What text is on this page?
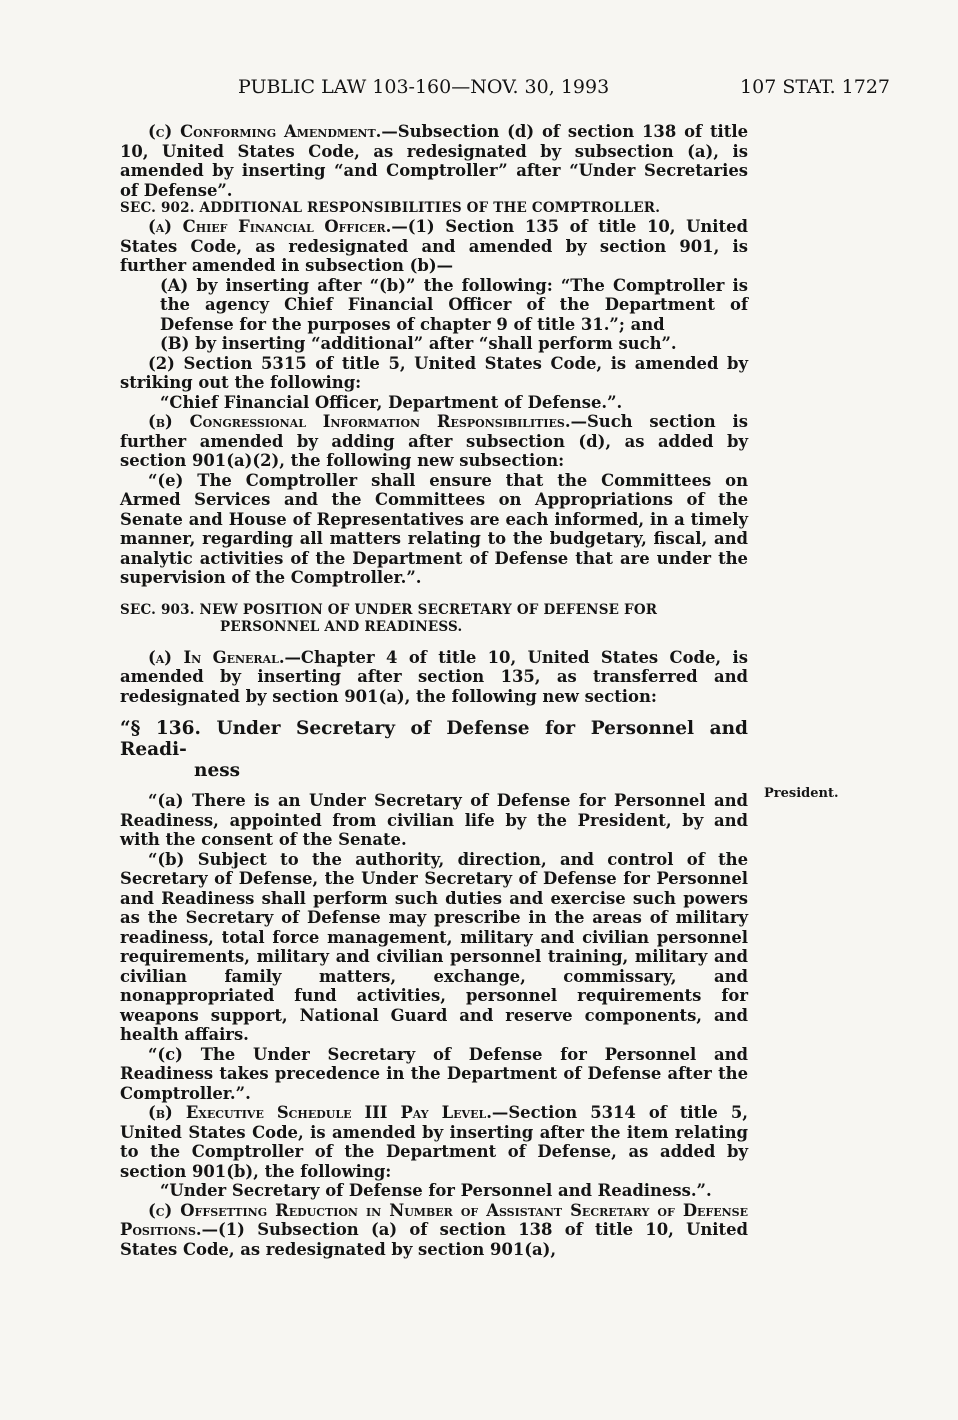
PUBLIC LAW 103-160—NOV. 30, 1993	107 STAT. 1727

(c) Conforming Amendment.—Subsection (d) of section 138 of title 10, United States Code, as redesignated by subsection (a), is amended by inserting “and Comptroller” after “Under Secretaries of Defense”.

SEC. 902. ADDITIONAL RESPONSIBILITIES OF THE COMPTROLLER.

(a) Chief Financial Officer.—(1) Section 135 of title 10, United States Code, as redesignated and amended by section 901, is further amended in subsection (b)—

(A) by inserting after “(b)” the following: “The Comptroller is the agency Chief Financial Officer of the Department of Defense for the purposes of chapter 9 of title 31.”; and

(B) by inserting “additional” after “shall perform such”.

(2) Section 5315 of title 5, United States Code, is amended by striking out the following:

“Chief Financial Officer, Department of Defense.”.

(b) Congressional Information Responsibilities.—Such section is further amended by adding after subsection (d), as added by section 901(a)(2), the following new subsection:

“(e) The Comptroller shall ensure that the Committees on Armed Services and the Committees on Appropriations of the Senate and House of Representatives are each informed, in a timely manner, regarding all matters relating to the budgetary, fiscal, and analytic activities of the Department of Defense that are under the supervision of the Comptroller.”.

SEC. 903. NEW POSITION OF UNDER SECRETARY OF DEFENSE FOR
PERSONNEL AND READINESS.

(a) In General.—Chapter 4 of title 10, United States Code, is amended by inserting after section 135, as transferred and redesignated by section 901(a), the following new section:

“§ 136. Under Secretary of Defense for Personnel and Readi-
ness

“(a) There is an Under Secretary of Defense for Personnel and Readiness, appointed from civilian life by the President, by and with the consent of the Senate.

“(b) Subject to the authority, direction, and control of the Secretary of Defense, the Under Secretary of Defense for Personnel and Readiness shall perform such duties and exercise such powers as the Secretary of Defense may prescribe in the areas of military readiness, total force management, military and civilian personnel requirements, military and civilian personnel training, military and civilian family matters, exchange, commissary, and nonappropriated fund activities, personnel requirements for weapons support, National Guard and reserve components, and health affairs.

“(c) The Under Secretary of Defense for Personnel and Readiness takes precedence in the Department of Defense after the Comptroller.”.

(b) Executive Schedule III Pay Level.—Section 5314 of title 5, United States Code, is amended by inserting after the item relating to the Comptroller of the Department of Defense, as added by section 901(b), the following:

“Under Secretary of Defense for Personnel and Readiness.”.

(c) Offsetting Reduction in Number of Assistant Secretary of Defense Positions.—(1) Subsection (a) of section 138 of title 10, United States Code, as redesignated by section 901(a),

President.
